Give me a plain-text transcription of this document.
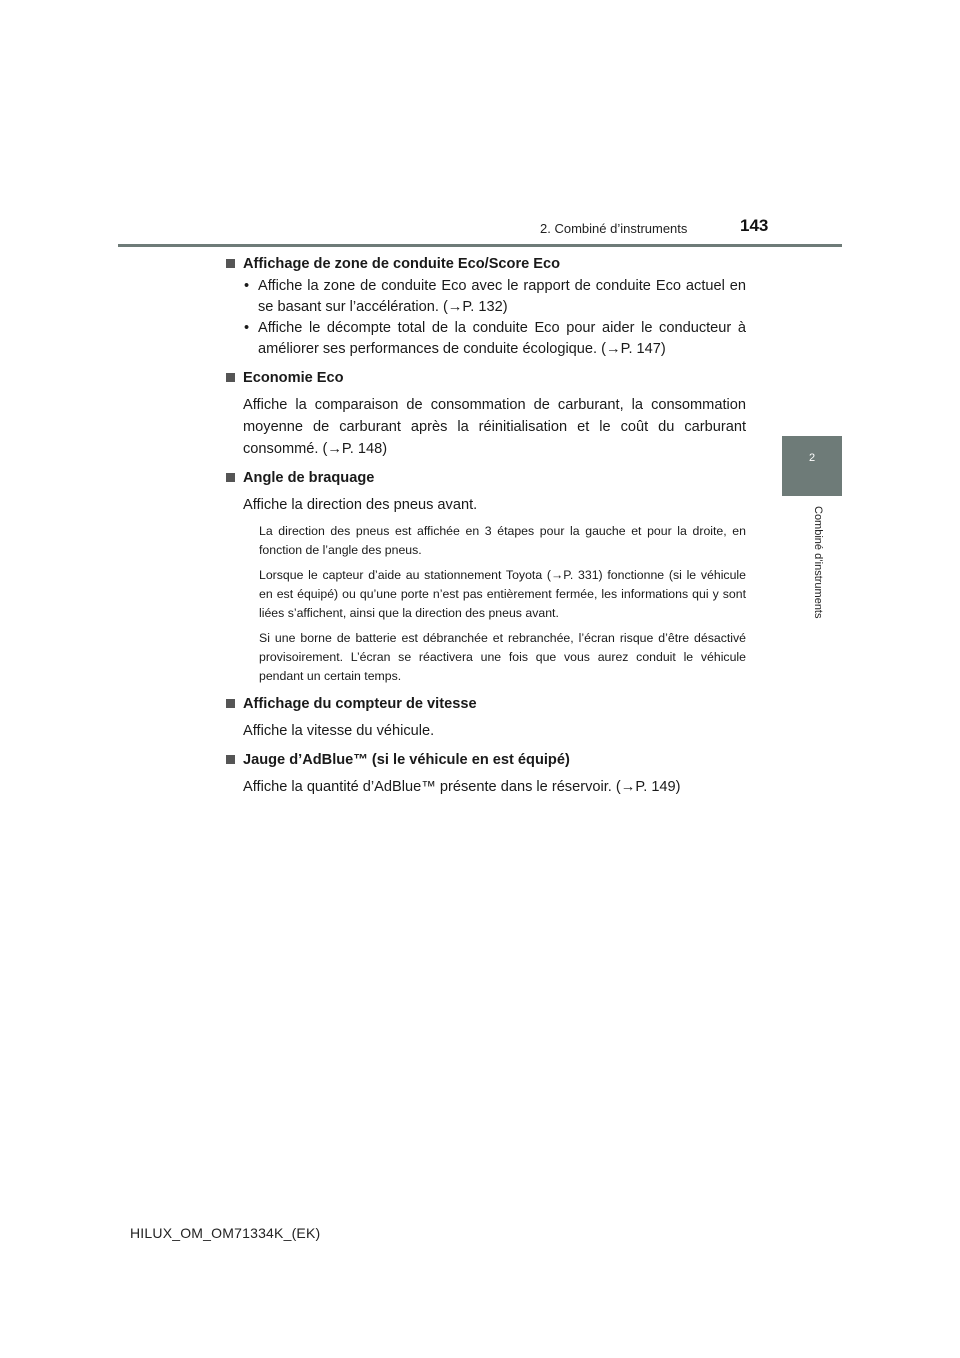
2. Combiné d’instruments	143
2
Combiné d’instruments
Affichage de zone de conduite Eco/Score Eco
• Affiche la zone de conduite Eco avec le rapport de conduite Eco actuel en se basant sur l’accélération. (→P. 132)
• Affiche le décompte total de la conduite Eco pour aider le conducteur à améliorer ses performances de conduite écologique. (→P. 147)
Economie Eco
Affiche la comparaison de consommation de carburant, la consommation moyenne de carburant après la réinitialisation et le coût du carburant consommé. (→P. 148)
Angle de braquage
Affiche la direction des pneus avant.
La direction des pneus est affichée en 3 étapes pour la gauche et pour la droite, en fonction de l’angle des pneus.
Lorsque le capteur d’aide au stationnement Toyota (→P. 331) fonctionne (si le véhicule en est équipé) ou qu’une porte n’est pas entièrement fermée, les informations qui y sont liées s’affichent, ainsi que la direction des pneus avant.
Si une borne de batterie est débranchée et rebranchée, l’écran risque d’être désactivé provisoirement. L’écran se réactivera une fois que vous aurez conduit le véhicule pendant un certain temps.
Affichage du compteur de vitesse
Affiche la vitesse du véhicule.
Jauge d’AdBlue™ (si le véhicule en est équipé)
Affiche la quantité d’AdBlue™ présente dans le réservoir. (→P. 149)
HILUX_OM_OM71334K_(EK)
